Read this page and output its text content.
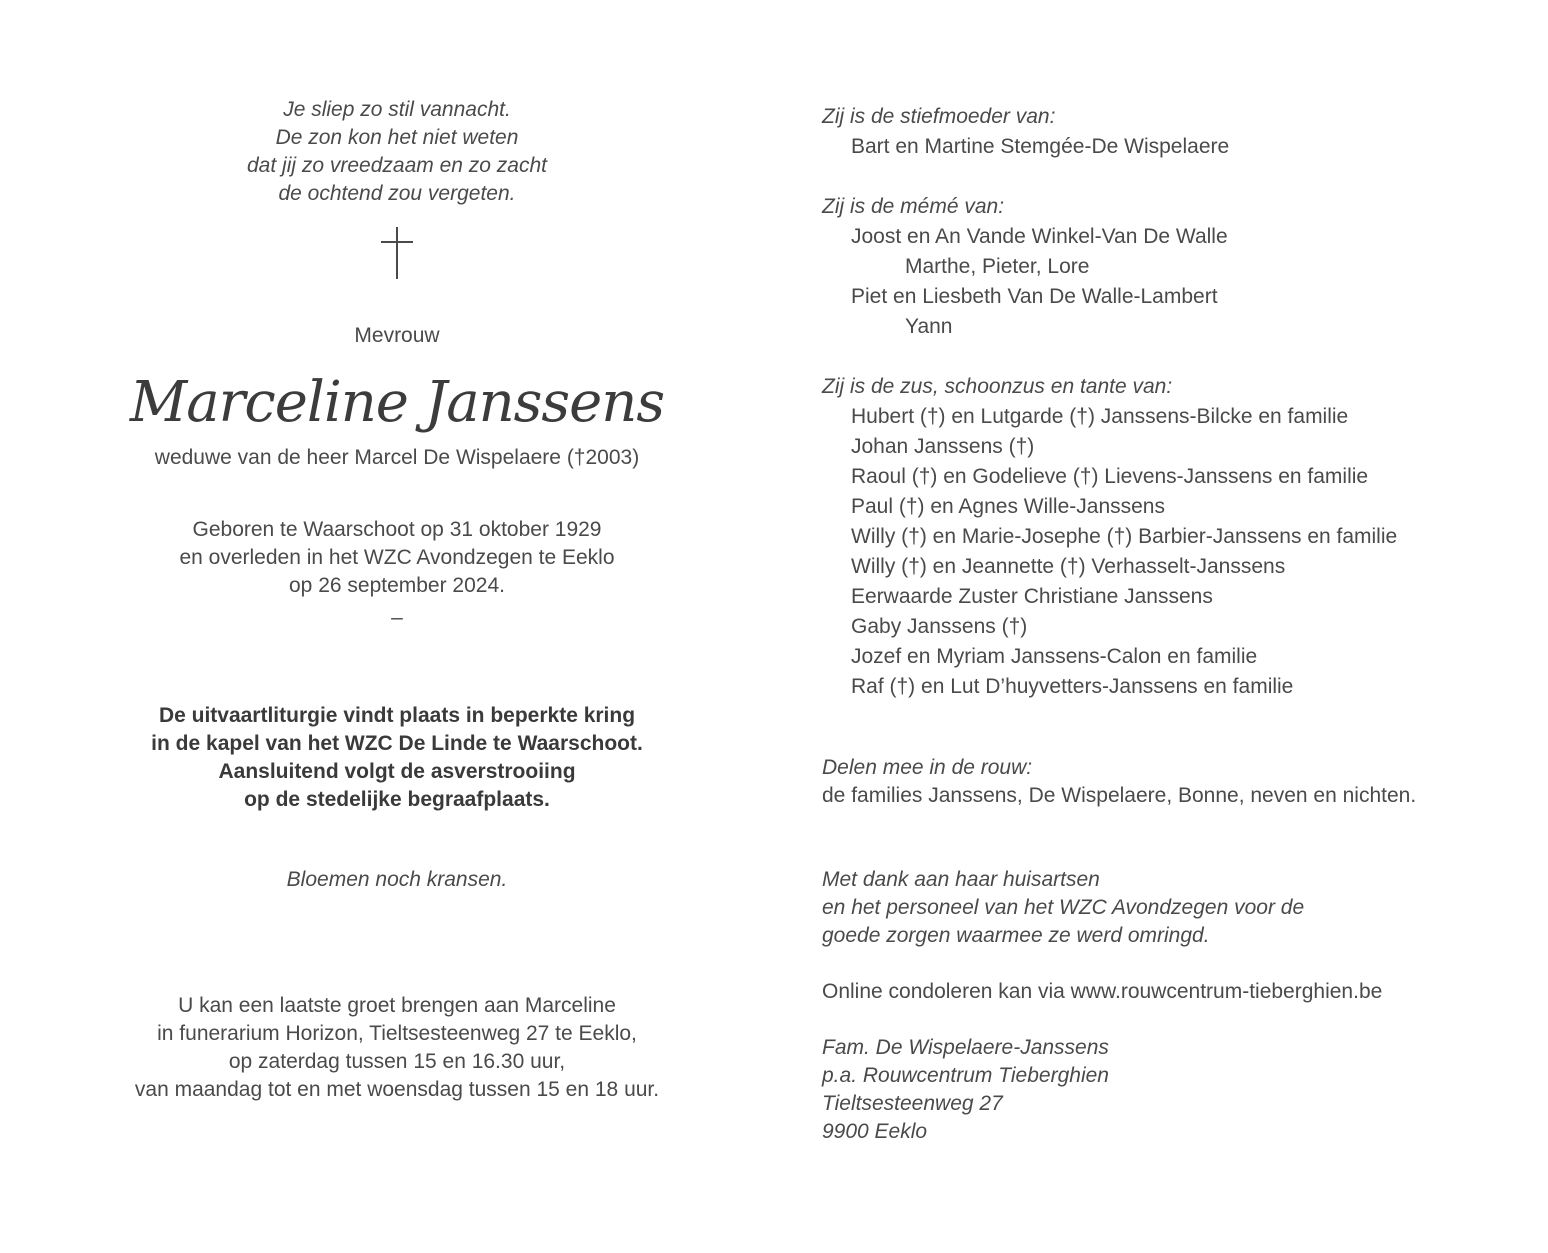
Je sliep zo stil vannacht.
De zon kon het niet weten
dat jij zo vreedzaam en zo zacht
de ochtend zou vergeten.
Mevrouw
Marceline Janssens
weduwe van de heer Marcel De Wispelaere (†2003)
Geboren te Waarschoot op 31 oktober 1929
en overleden in het WZC Avondzegen te Eeklo
op 26 september 2024.
–
De uitvaartliturgie vindt plaats in beperkte kring
in de kapel van het WZC De Linde te Waarschoot.
Aansluitend volgt de asverstrooiing
op de stedelijke begraafplaats.
Bloemen noch kransen.
U kan een laatste groet brengen aan Marceline
in funerarium Horizon, Tieltsesteenweg 27 te Eeklo,
op zaterdag tussen 15 en 16.30 uur,
van maandag tot en met woensdag tussen 15 en 18 uur.
Zij is de stiefmoeder van:
Bart en Martine Stemgée-De Wispelaere
Zij is de mémé van:
Joost en An Vande Winkel-Van De Walle
Marthe, Pieter, Lore
Piet en Liesbeth Van De Walle-Lambert
Yann
Zij is de zus, schoonzus en tante van:
Hubert (†) en Lutgarde (†) Janssens-Bilcke en familie
Johan Janssens (†)
Raoul (†) en Godelieve (†) Lievens-Janssens en familie
Paul (†) en Agnes Wille-Janssens
Willy (†) en Marie-Josephe (†) Barbier-Janssens en familie
Willy (†) en Jeannette (†) Verhasselt-Janssens
Eerwaarde Zuster Christiane Janssens
Gaby Janssens (†)
Jozef en Myriam Janssens-Calon en familie
Raf (†) en Lut D’huyvetters-Janssens en familie
Delen mee in de rouw:
de families Janssens, De Wispelaere, Bonne, neven en nichten.
Met dank aan haar huisartsen
en het personeel van het WZC Avondzegen voor de
goede zorgen waarmee ze werd omringd.
Online condoleren kan via www.rouwcentrum-tieberghien.be
Fam. De Wispelaere-Janssens
p.a. Rouwcentrum Tieberghien
Tieltsesteenweg 27
9900 Eeklo
